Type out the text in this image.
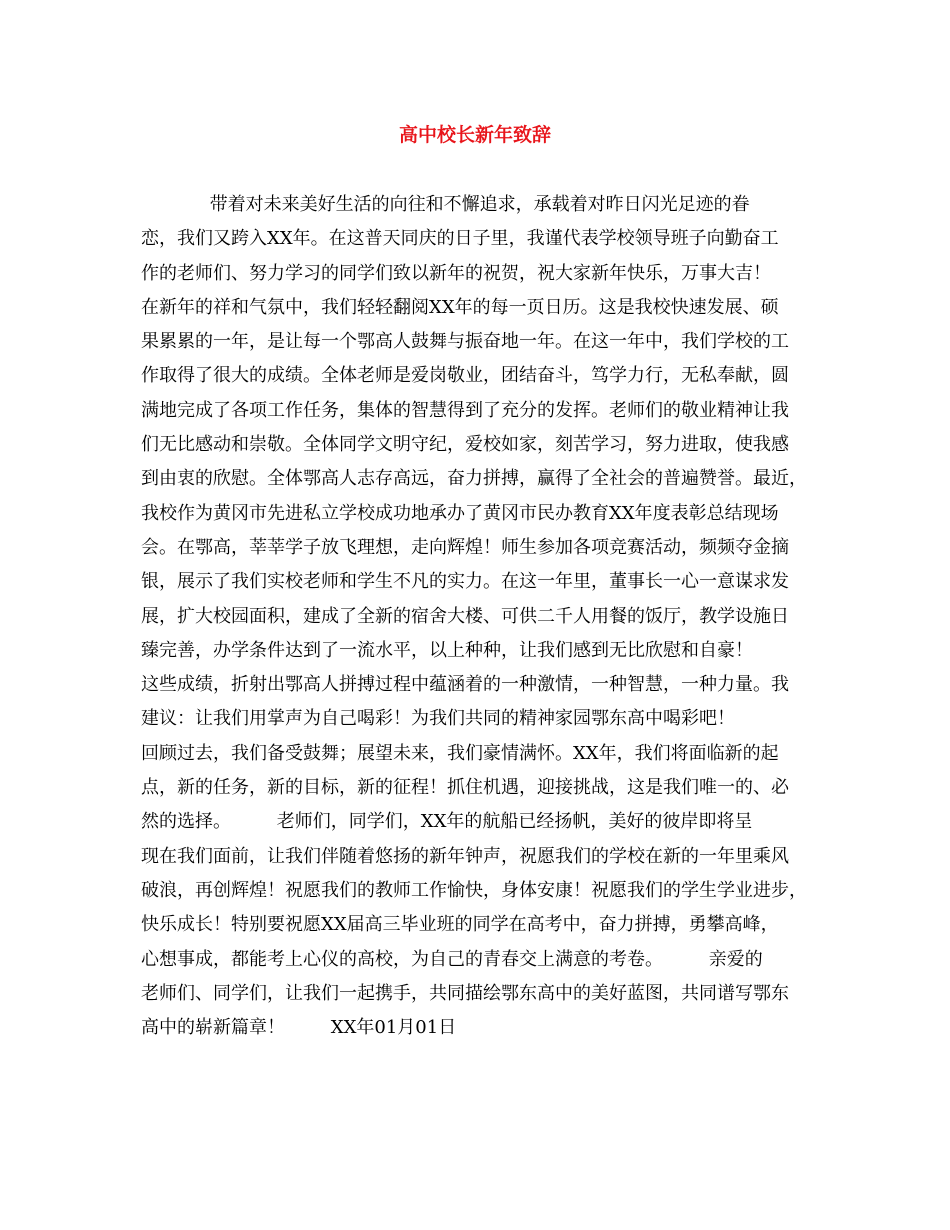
高中校长新年致辞
带着对未来美好生活的向往和不懈追求，承载着对昨日闪光足迹的眷
恋，我们又跨入XX年。在这普天同庆的日子里，我谨代表学校领导班子向勤奋工
作的老师们、努力学习的同学们致以新年的祝贺，祝大家新年快乐，万事大吉！
在新年的祥和气氛中，我们轻轻翻阅XX年的每一页日历。这是我校快速发展、硕
果累累的一年，是让每一个鄂高人鼓舞与振奋地一年。在这一年中，我们学校的工
作取得了很大的成绩。全体老师是爱岗敬业，团结奋斗，笃学力行，无私奉献，圆
满地完成了各项工作任务，集体的智慧得到了充分的发挥。老师们的敬业精神让我
们无比感动和崇敬。全体同学文明守纪，爱校如家，刻苦学习，努力进取，使我感
到由衷的欣慰。全体鄂高人志存高远，奋力拼搏，赢得了全社会的普遍赞誉。最近，
我校作为黄冈市先进私立学校成功地承办了黄冈市民办教育XX年度表彰总结现场
会。在鄂高，莘莘学子放飞理想，走向辉煌！师生参加各项竞赛活动，频频夺金摘
银，展示了我们实校老师和学生不凡的实力。在这一年里，董事长一心一意谋求发
展，扩大校园面积，建成了全新的宿舍大楼、可供二千人用餐的饭厅，教学设施日
臻完善，办学条件达到了一流水平，以上种种，让我们感到无比欣慰和自豪！
这些成绩，折射出鄂高人拼搏过程中蕴涵着的一种激情，一种智慧，一种力量。我
建议：让我们用掌声为自己喝彩！为我们共同的精神家园鄂东高中喝彩吧！
回顾过去，我们备受鼓舞；展望未来，我们豪情满怀。XX年，我们将面临新的起
点，新的任务，新的目标，新的征程！抓住机遇，迎接挑战，这是我们唯一的、必
然的选择。        老师们，同学们，XX年的航船已经扬帆，美好的彼岸即将呈
现在我们面前，让我们伴随着悠扬的新年钟声，祝愿我们的学校在新的一年里乘风
破浪，再创辉煌！祝愿我们的教师工作愉快，身体安康！祝愿我们的学生学业进步，
快乐成长！特别要祝愿XX届高三毕业班的同学在高考中，奋力拼搏，勇攀高峰，
心想事成，都能考上心仪的高校，为自己的青春交上满意的考卷。        亲爱的
老师们、同学们，让我们一起携手，共同描绘鄂东高中的美好蓝图，共同谱写鄂东
高中的崭新篇章！        XX年01月01日
